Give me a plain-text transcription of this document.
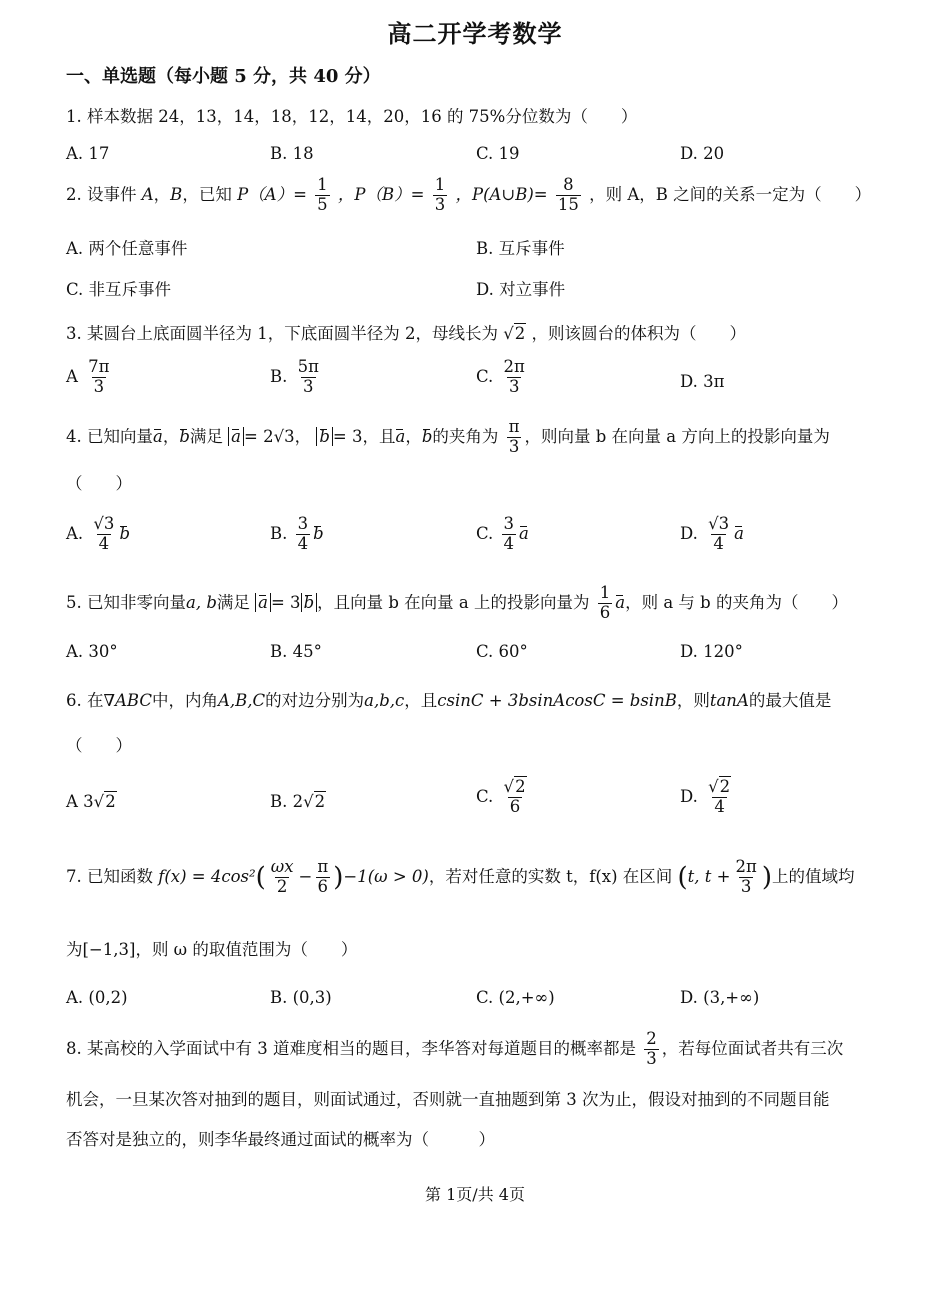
高二开学考数学
一、单选题（每小题 5 分，共 40 分）
1. 样本数据 24，13，14，18，12，14，20，16 的 75%分位数为（　　）
A. 17	B. 18	C. 19	D. 20
2. 设事件 A，B，已知 $P(A)= \frac{1}{5}$ ，$P(B)= \frac{1}{3}$ ，P(A∪B)= $\frac{8}{15}$ ，则 A，B 之间的关系一定为（　　）
A. 两个任意事件	B. 互斥事件
C. 非互斥事件	D. 对立事件
3. 某圆台上底面圆半径为 1，下底面圆半径为 2，母线长为 √2 ，则该圆台的体积为（　　）
A $\frac{7\pi}{3}$	B. $\frac{5\pi}{3}$	C. $\frac{2\pi}{3}$	D. 3π
4. 已知向量a，b满足 a = 2√3， b = 3，且a，b的夹角为 $\frac{\pi}{3}$ ，则向量 b 在向量 a 方向上的投影向量为
（　　）
A. $\frac{√3}{4}$ b	B. $\frac{3}{4}$ b	C. $\frac{3}{4}$ a	D. $\frac{√3}{4}$ a
5. 已知非零向量a, b满足 a = 3 b ，且向量 b 在向量 a 上的投影向量为 $\frac{1}{6}$ a，则 a 与 b 的夹角为（　　）
A. 30°	B. 45°	C. 60°	D. 120°
6. 在∇ABC中，内角A,B,C的对边分别为a,b,c，且csinC + 3bsinAcosC = bsinB，则tanA的最大值是
（　　）
A 3√2	B. 2√2	C. $\frac{√2}{6}$	D. $\frac{√2}{4}$
7. 已知函数 $f(x) = 4\cos^2( \frac{\omega x}{2} - \frac{\pi}{6} )-1(\omega > 0)$，若对任意的实数 t，f(x) 在区间 (t, $t + \frac{2\pi}{3}$ )上的值域均
为[−1,3]，则 ω 的取值范围为（　　）
A. (0,2)	B. (0,3)	C. (2,+∞)	D. (3,+∞)
8. 某高校的入学面试中有 3 道难度相当的题目，李华答对每道题目的概率都是 $\frac{2}{3}$ ，若每位面试者共有三次
机会，一旦某次答对抽到的题目，则面试通过，否则就一直抽题到第 3 次为止，假设对抽到的不同题目能
否答对是独立的，则李华最终通过面试的概率为（　　　）
第 1页/共 4页
